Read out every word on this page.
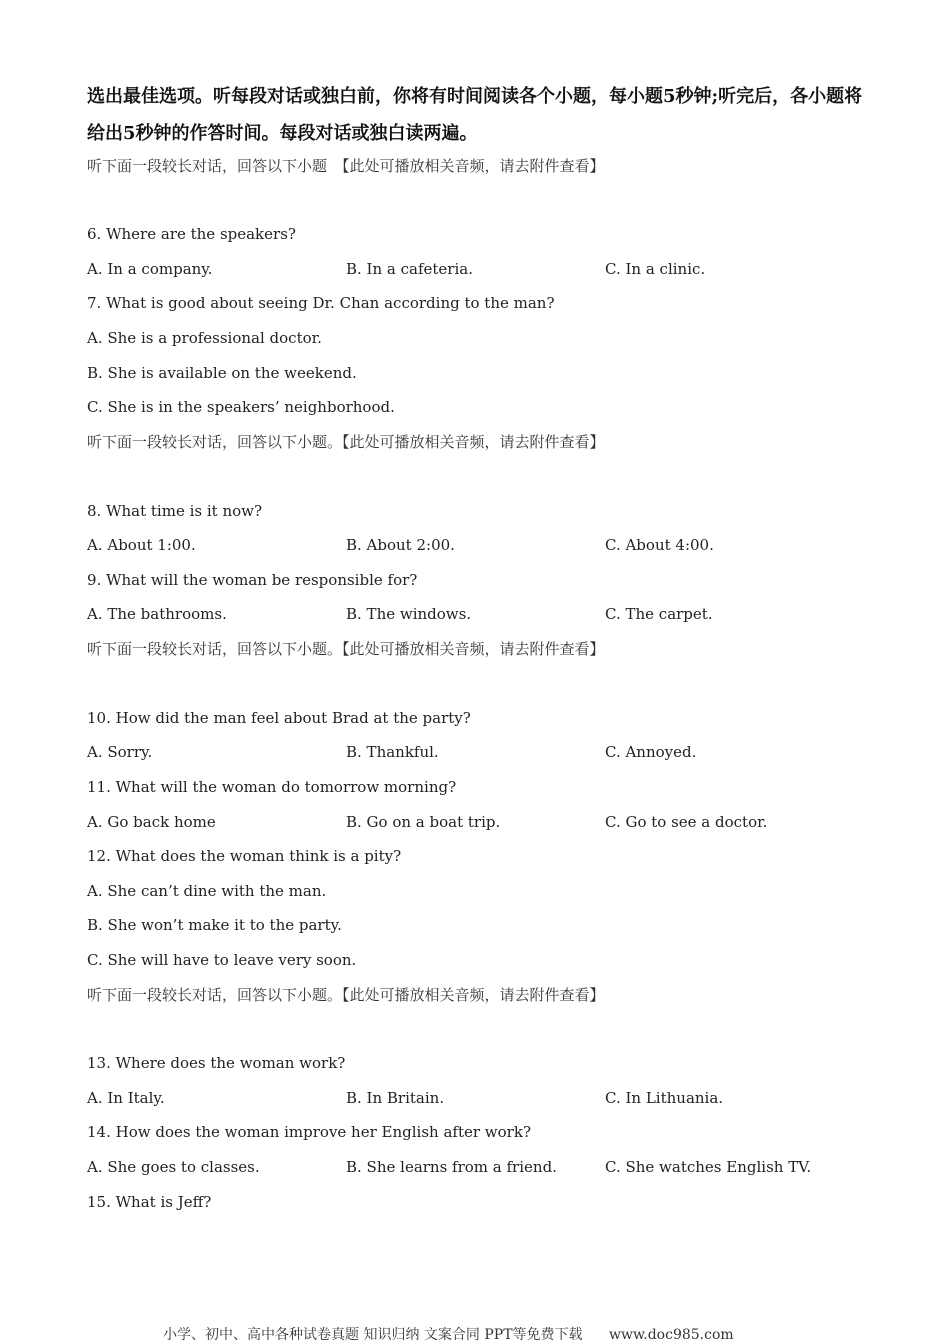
选出最佳选项。听每段对话或独白前，你将有时间阅读各个小题，每小题5秒钟;听完后，各小题将给出5秒钟的作答时间。每段对话或独白读两遍。
听下面一段较长对话，回答以下小题　【此处可播放相关音频，请去附件查看】
6. Where are the speakers?
A. In a company.	B. In a cafeteria.	C. In a clinic.
7. What is good about seeing Dr. Chan according to the man?
A. She is a professional doctor.
B. She is available on the weekend.
C. She is in the speakers’ neighborhood.
听下面一段较长对话，回答以下小题。【此处可播放相关音频，请去附件查看】
8. What time is it now?
A. About 1:00.	B. About 2:00.	C. About 4:00.
9. What will the woman be responsible for?
A. The bathrooms.	B. The windows.	C. The carpet.
听下面一段较长对话，回答以下小题。【此处可播放相关音频，请去附件查看】
10. How did the man feel about Brad at the party?
A. Sorry.	B. Thankful.	C. Annoyed.
11. What will the woman do tomorrow morning?
A. Go back home	B. Go on a boat trip.	C. Go to see a doctor.
12. What does the woman think is a pity?
A. She can’t dine with the man.
B. She won’t make it to the party.
C. She will have to leave very soon.
听下面一段较长对话，回答以下小题。【此处可播放相关音频，请去附件查看】
13. Where does the woman work?
A. In Italy.	B. In Britain.	C. In Lithuania.
14. How does the woman improve her English after work?
A. She goes to classes.	B. She learns from a friend.	C. She watches English TV.
15. What is Jeff?
小学、初中、高中各种试卷真题 知识归纳 文案合同 PPT等免费下载 www.doc985.com
